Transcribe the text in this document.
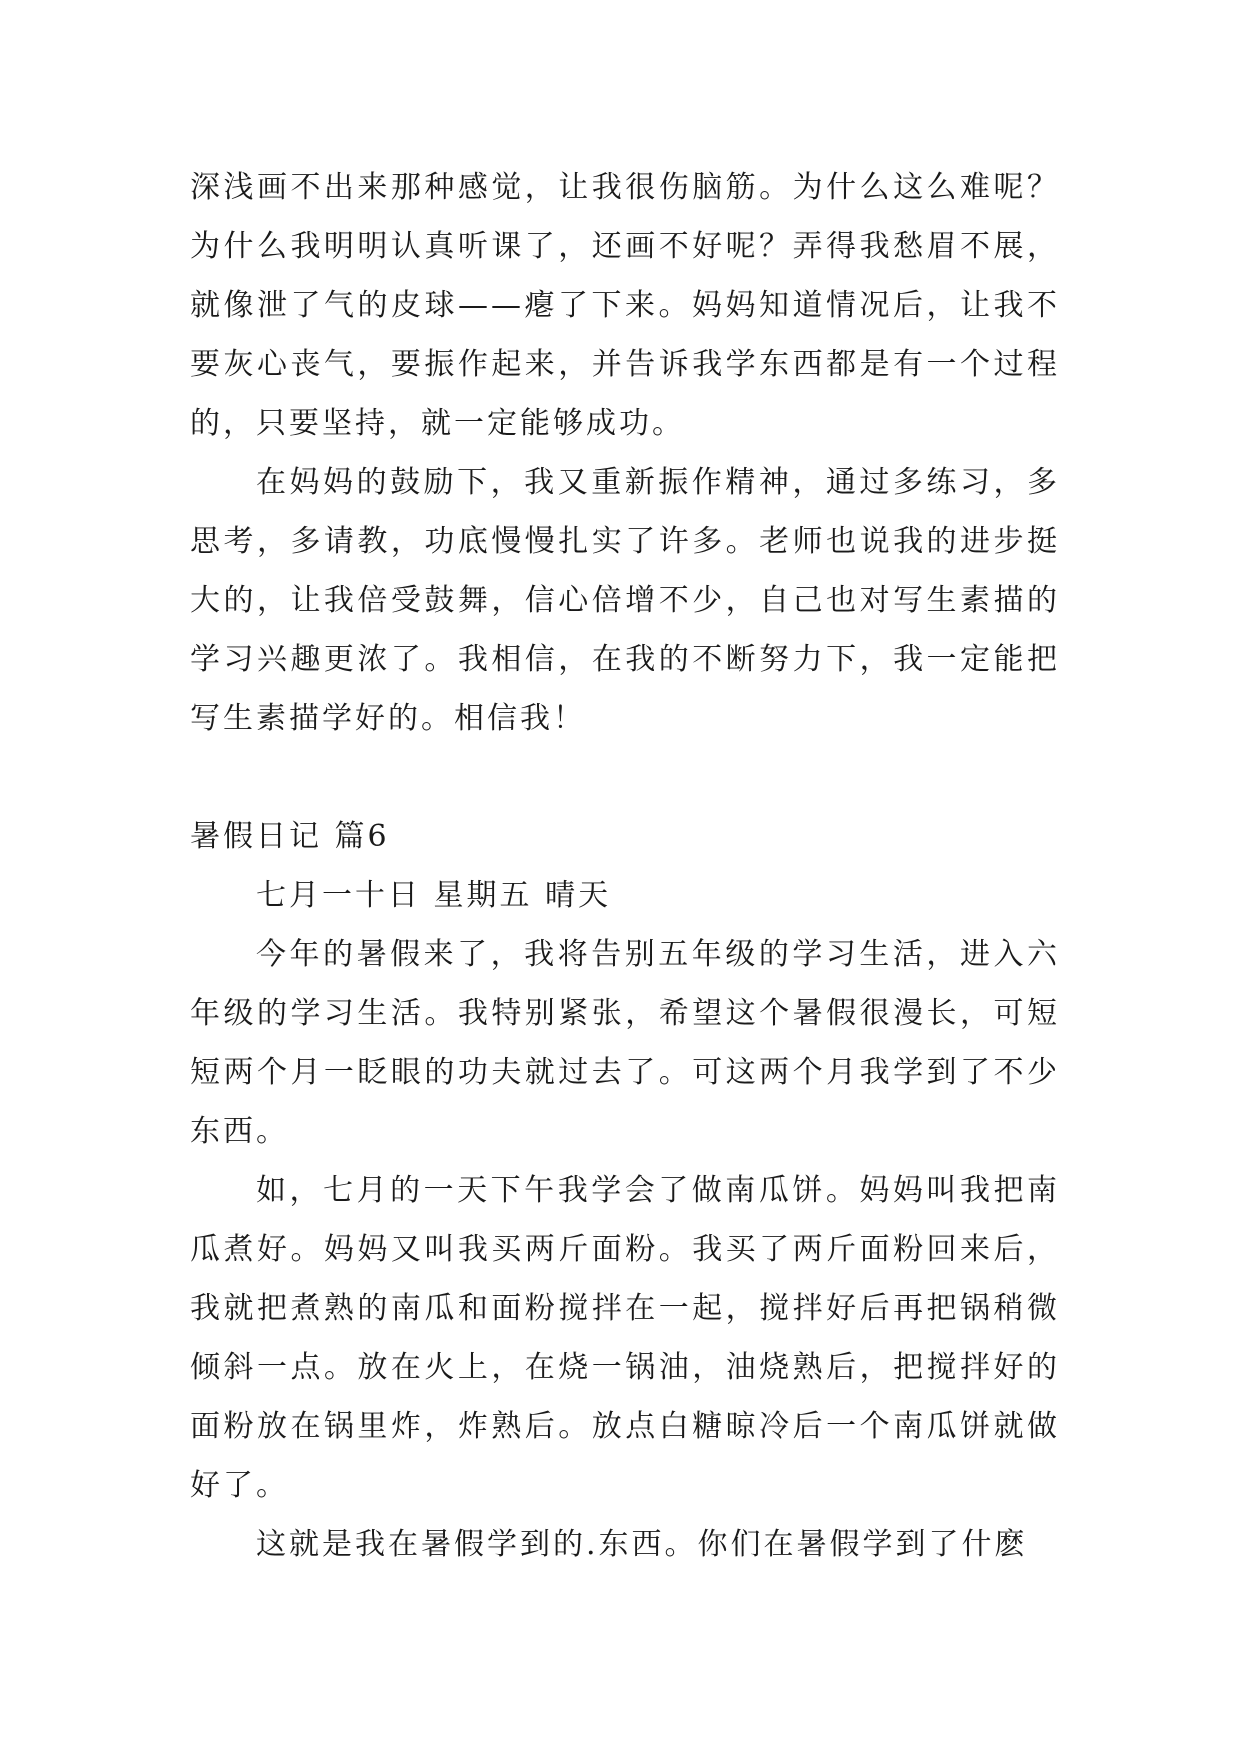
深浅画不出来那种感觉，让我很伤脑筋。为什么这么难呢？为什么我明明认真听课了，还画不好呢？弄得我愁眉不展，就像泄了气的皮球——瘪了下来。妈妈知道情况后，让我不要灰心丧气，要振作起来，并告诉我学东西都是有一个过程的，只要坚持，就一定能够成功。

在妈妈的鼓励下，我又重新振作精神，通过多练习，多思考，多请教，功底慢慢扎实了许多。老师也说我的进步挺大的，让我倍受鼓舞，信心倍增不少，自己也对写生素描的学习兴趣更浓了。我相信，在我的不断努力下，我一定能把写生素描学好的。相信我！

暑假日记 篇6

七月一十日 星期五 晴天

今年的暑假来了，我将告别五年级的学习生活，进入六年级的学习生活。我特别紧张，希望这个暑假很漫长，可短短两个月一眨眼的功夫就过去了。可这两个月我学到了不少东西。

如，七月的一天下午我学会了做南瓜饼。妈妈叫我把南瓜煮好。妈妈又叫我买两斤面粉。我买了两斤面粉回来后，我就把煮熟的南瓜和面粉搅拌在一起，搅拌好后再把锅稍微倾斜一点。放在火上，在烧一锅油，油烧熟后，把搅拌好的面粉放在锅里炸，炸熟后。放点白糖晾冷后一个南瓜饼就做好了。

这就是我在暑假学到的.东西。你们在暑假学到了什麽
